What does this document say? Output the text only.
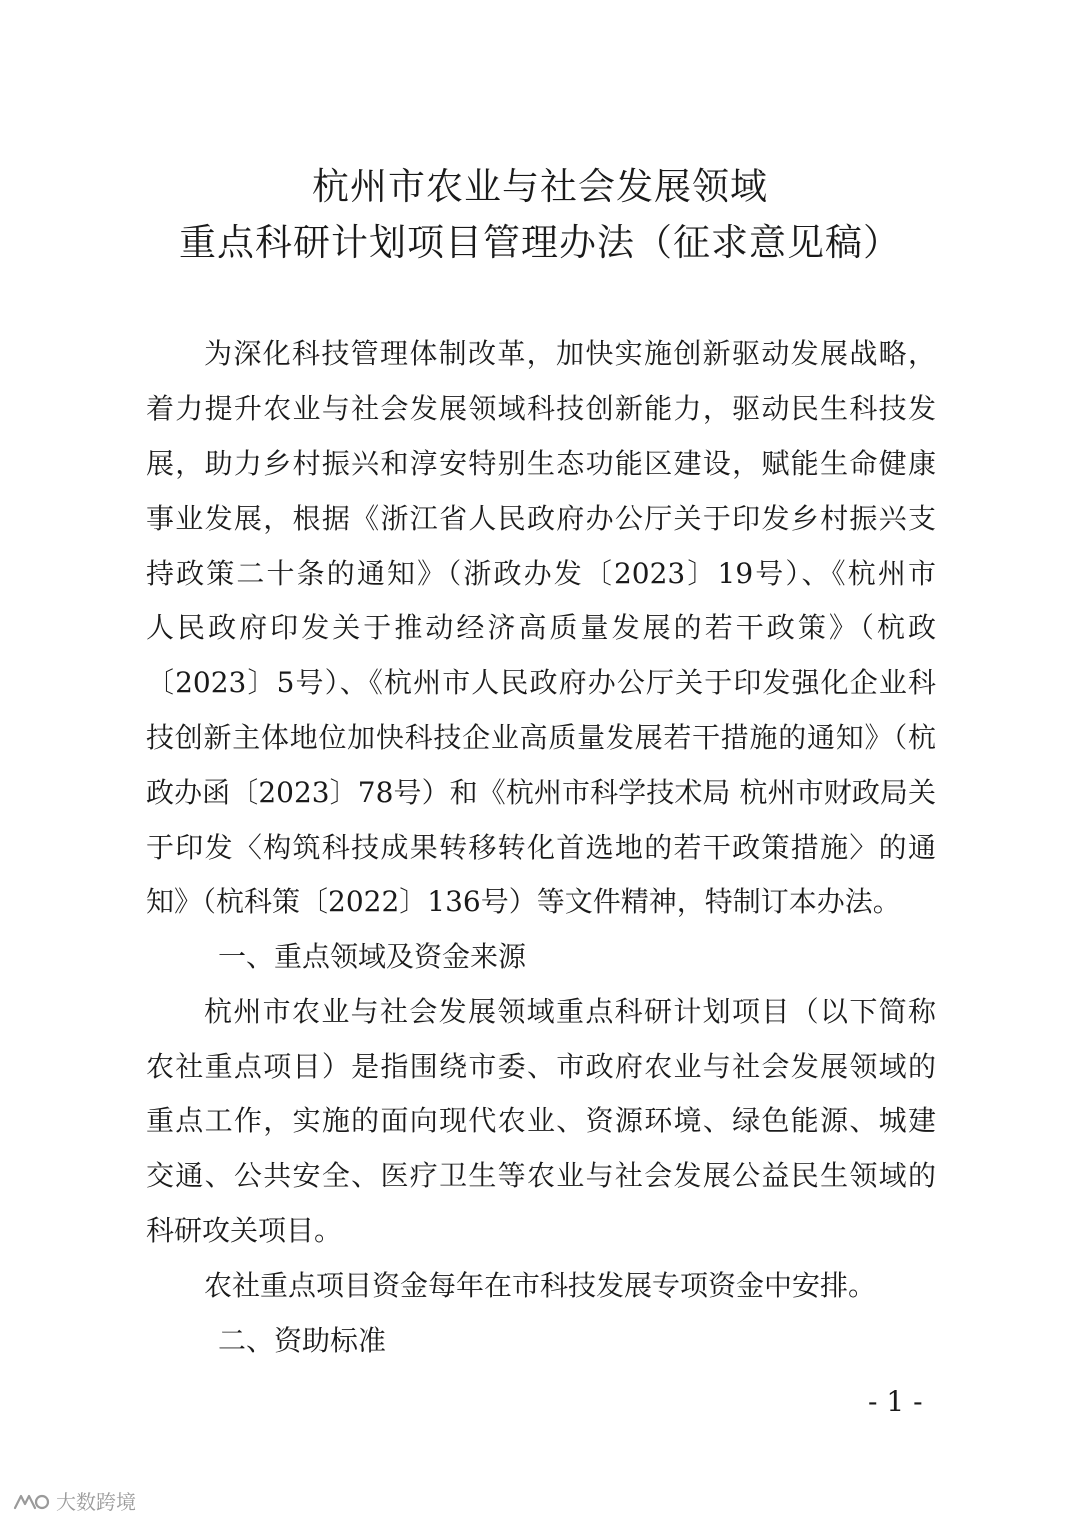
杭州市农业与社会发展领域
重点科研计划项目管理办法（征求意见稿）

为深化科技管理体制改革，加快实施创新驱动发展战略，

着力提升农业与社会发展领域科技创新能力，驱动民生科技发

展，助力乡村振兴和淳安特别生态功能区建设，赋能生命健康

事业发展，根据《浙江省人民政府办公厅关于印发乡村振兴支

持政策二十条的通知》（浙政办发〔2023〕19号）、《杭州市

人民政府印发关于推动经济高质量发展的若干政策》（杭政

〔2023〕5号）、《杭州市人民政府办公厅关于印发强化企业科

技创新主体地位加快科技企业高质量发展若干措施的通知》（杭

政办函〔2023〕78号）和《杭州市科学技术局 杭州市财政局关

于印发〈构筑科技成果转移转化首选地的若干政策措施〉的通

知》（杭科策〔2022〕136号）等文件精神，特制订本办法。

一、重点领域及资金来源

杭州市农业与社会发展领域重点科研计划项目（以下简称

农社重点项目）是指围绕市委、市政府农业与社会发展领域的

重点工作，实施的面向现代农业、资源环境、绿色能源、城建

交通、公共安全、医疗卫生等农业与社会发展公益民生领域的

科研攻关项目。

农社重点项目资金每年在市科技发展专项资金中安排。

二、资助标准
- 1 -
大数跨境
